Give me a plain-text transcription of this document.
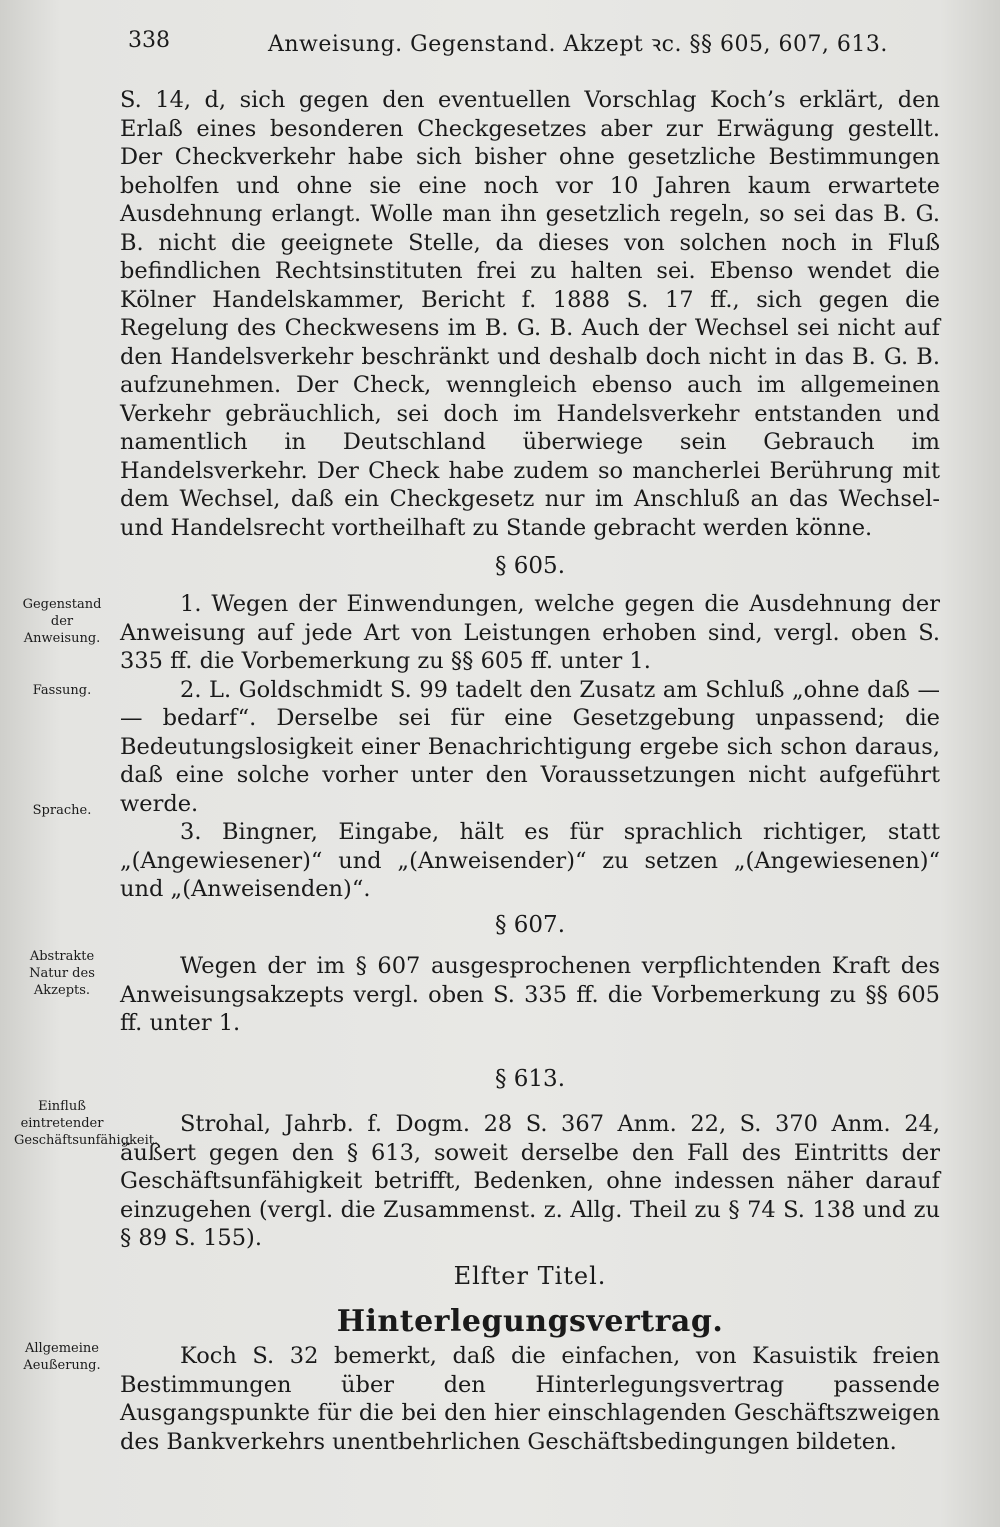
338	Anweisung. Gegenstand. Akzept ꝛc. §§ 605, 607, 613.

S. 14, d, sich gegen den eventuellen Vorschlag Koch’s erklärt, den Erlaß eines besonderen Checkgesetzes aber zur Erwägung gestellt. Der Checkverkehr habe sich bisher ohne gesetzliche Bestimmungen beholfen und ohne sie eine noch vor 10 Jahren kaum erwartete Ausdehnung erlangt. Wolle man ihn gesetzlich regeln, so sei das B. G. B. nicht die geeignete Stelle, da dieses von solchen noch in Fluß befindlichen Rechtsinstituten frei zu halten sei. Ebenso wendet die Kölner Handelskammer, Bericht f. 1888 S. 17 ff., sich gegen die Regelung des Checkwesens im B. G. B. Auch der Wechsel sei nicht auf den Handelsverkehr beschränkt und deshalb doch nicht in das B. G. B. aufzunehmen. Der Check, wenngleich ebenso auch im allgemeinen Verkehr gebräuchlich, sei doch im Handelsverkehr entstanden und namentlich in Deutschland überwiege sein Gebrauch im Handelsverkehr. Der Check habe zudem so mancherlei Berührung mit dem Wechsel, daß ein Checkgesetz nur im Anschluß an das Wechsel- und Handelsrecht vortheilhaft zu Stande gebracht werden könne.

§ 605.

1. Wegen der Einwendungen, welche gegen die Ausdehnung der Anweisung auf jede Art von Leistungen erhoben sind, vergl. oben S. 335 ff. die Vorbemerkung zu §§ 605 ff. unter 1.

2. L. Goldschmidt S. 99 tadelt den Zusatz am Schluß „ohne daß — — bedarf“. Derselbe sei für eine Gesetzgebung unpassend; die Bedeutungslosigkeit einer Benachrichtigung ergebe sich schon daraus, daß eine solche vorher unter den Voraussetzungen nicht aufgeführt werde.

3. Bingner, Eingabe, hält es für sprachlich richtiger, statt „(Angewiesener)“ und „(Anweisender)“ zu setzen „(Angewiesenen)“ und „(Anweisenden)“.

§ 607.

Wegen der im § 607 ausgesprochenen verpflichtenden Kraft des Anweisungsakzepts vergl. oben S. 335 ff. die Vorbemerkung zu §§ 605 ff. unter 1.

§ 613.

Strohal, Jahrb. f. Dogm. 28 S. 367 Anm. 22, S. 370 Anm. 24, äußert gegen den § 613, soweit derselbe den Fall des Eintritts der Geschäftsunfähigkeit betrifft, Bedenken, ohne indessen näher darauf einzugehen (vergl. die Zusammenst. z. Allg. Theil zu § 74 S. 138 und zu § 89 S. 155).

Elfter Titel.
Hinterlegungsvertrag.

Koch S. 32 bemerkt, daß die einfachen, von Kasuistik freien Bestimmungen über den Hinterlegungsvertrag passende Ausgangspunkte für die bei den hier einschlagenden Geschäftszweigen des Bankverkehrs unentbehrlichen Geschäftsbedingungen bildeten.

Gegenstand der Anweisung.
Fassung.
Sprache.
Abstrakte Natur des Akzepts.
Einfluß eintretender Geschäftsunfähigkeit.
Allgemeine Aeußerung.
